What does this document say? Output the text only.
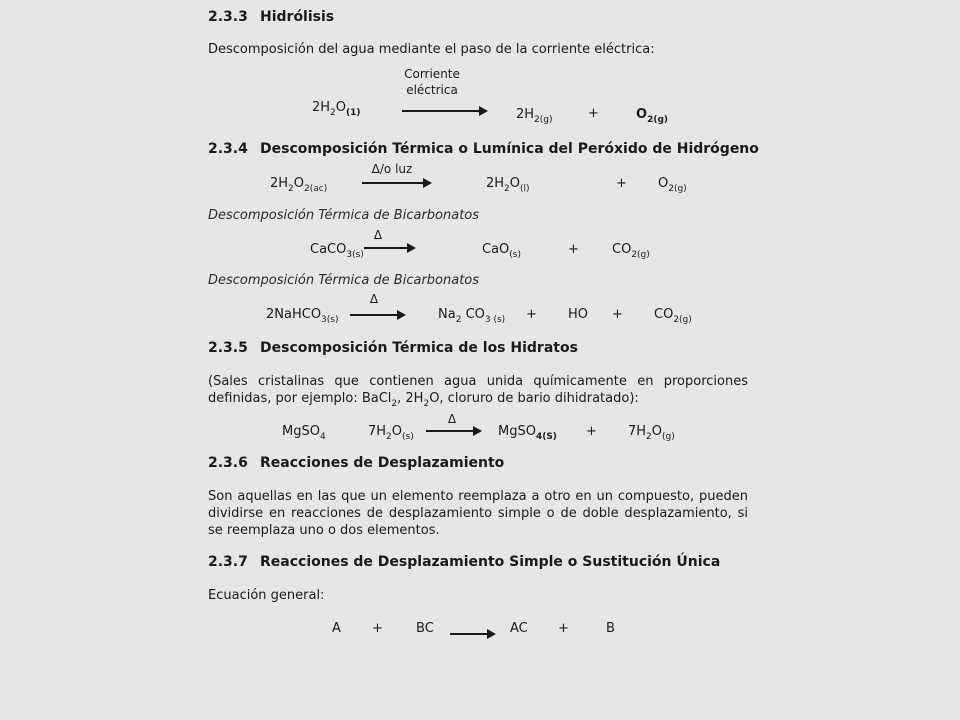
2.3.3 Hidrólisis
Descomposición del agua mediante el paso de la corriente eléctrica:
Corriente
eléctrica
$2H_2O_{(1)}$	$2H_{2(g)}$	+	$O_{2(g)}$
2.3.4 Descomposición Térmica o Lumínica del Peróxido de Hidrógeno
Δ/o luz
$2H_2O_{2(ac)}$	$2H_2O_{(l)}$	+ $O_{2(g)}$
Descomposición Térmica de Bicarbonatos
Δ
CaCO$_{3(s)}$	CaO$_{(s)}$	+	$CO_{2(g)}$
Descomposición Térmica de Bicarbonatos
Δ
2NaHCO$_{3(s)}$ →	$Na_2$ $CO_{3 (s)}$ + HO + $CO_{2(g)}$
2.3.5 Descomposición Térmica de los Hidratos
(Sales cristalinas que contienen agua unida químicamente en proporciones definidas, por ejemplo: BaCl$_2$, $2H_2O$, cloruro de bario dihidratado):
Δ
MgSO$_4$	$7H_2O_{(s)}$ → MgSO$_{4(S)}$ + $7H_2O_{(g)}$
2.3.6 Reacciones de Desplazamiento
Son aquellas en las que un elemento reemplaza a otro en un compuesto, pueden dividirse en reacciones de desplazamiento simple o de doble desplazamiento, si se reemplaza uno o dos elementos.
2.3.7 Reacciones de Desplazamiento Simple o Sustitución Única
Ecuación general:
A +	BC → AC +	B
